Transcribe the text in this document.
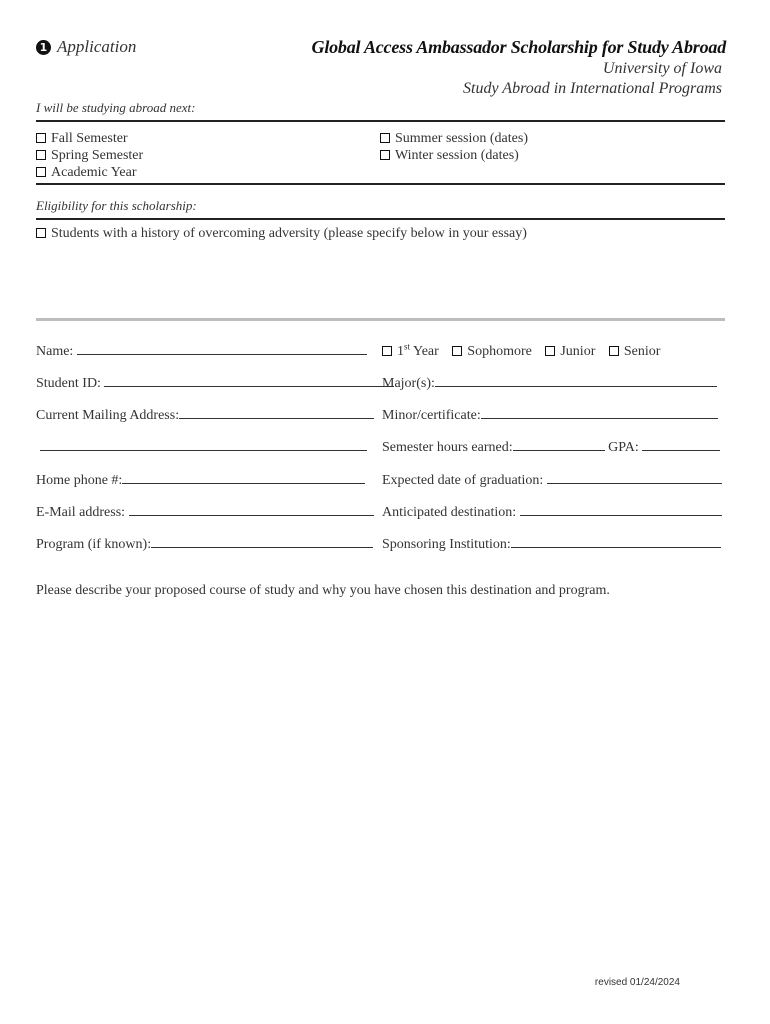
1 Application	Global Access Ambassador Scholarship for Study Abroad
University of Iowa
Study Abroad in International Programs
I will be studying abroad next:
Fall Semester
Spring Semester
Academic Year
Summer session (dates)
Winter session (dates)
Eligibility for this scholarship:
Students with a history of overcoming adversity (please specify below in your essay)
Name:
Student ID:
Current Mailing Address:
Home phone #:
E-Mail address:
Program (if known):
1st Year Sophomore Junior Senior
Major(s):
Minor/certificate:
Semester hours earned:	GPA:
Expected date of graduation:
Anticipated destination:
Sponsoring Institution:
Please describe your proposed course of study and why you have chosen this destination and program.
revised 01/24/2024
